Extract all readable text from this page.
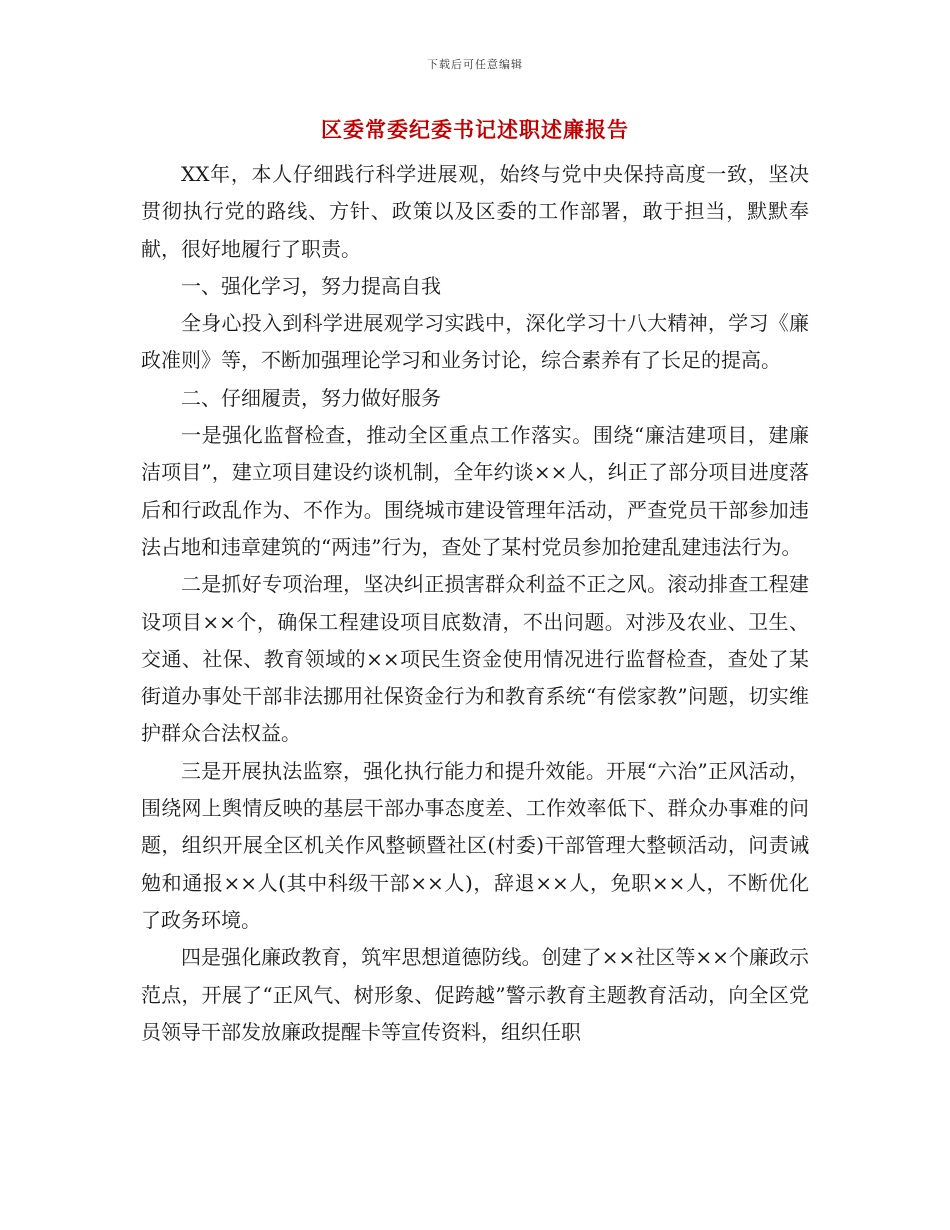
下载后可任意编辑
区委常委纪委书记述职述廉报告

XX年，本人仔细践行科学进展观，始终与党中央保持高度一致，坚决贯彻执行党的路线、方针、政策以及区委的工作部署，敢于担当，默默奉献，很好地履行了职责。

一、强化学习，努力提高自我

全身心投入到科学进展观学习实践中，深化学习十八大精神，学习《廉政准则》等，不断加强理论学习和业务讨论，综合素养有了长足的提高。

二、仔细履责，努力做好服务

一是强化监督检查，推动全区重点工作落实。围绕“廉洁建项目，建廉洁项目”，建立项目建设约谈机制，全年约谈××人，纠正了部分项目进度落后和行政乱作为、不作为。围绕城市建设管理年活动，严查党员干部参加违法占地和违章建筑的“两违”行为，查处了某村党员参加抢建乱建违法行为。

二是抓好专项治理，坚决纠正损害群众利益不正之风。滚动排查工程建设项目××个，确保工程建设项目底数清，不出问题。对涉及农业、卫生、交通、社保、教育领域的××项民生资金使用情况进行监督检查，查处了某街道办事处干部非法挪用社保资金行为和教育系统“有偿家教”问题，切实维护群众合法权益。

三是开展执法监察，强化执行能力和提升效能。开展“六治”正风活动，围绕网上舆情反映的基层干部办事态度差、工作效率低下、群众办事难的问题，组织开展全区机关作风整顿暨社区(村委)干部管理大整顿活动，问责诫勉和通报××人(其中科级干部××人)，辞退××人，免职××人，不断优化了政务环境。

四是强化廉政教育，筑牢思想道德防线。创建了××社区等××个廉政示范点，开展了“正风气、树形象、促跨越”警示教育主题教育活动，向全区党员领导干部发放廉政提醒卡等宣传资料，组织任职
